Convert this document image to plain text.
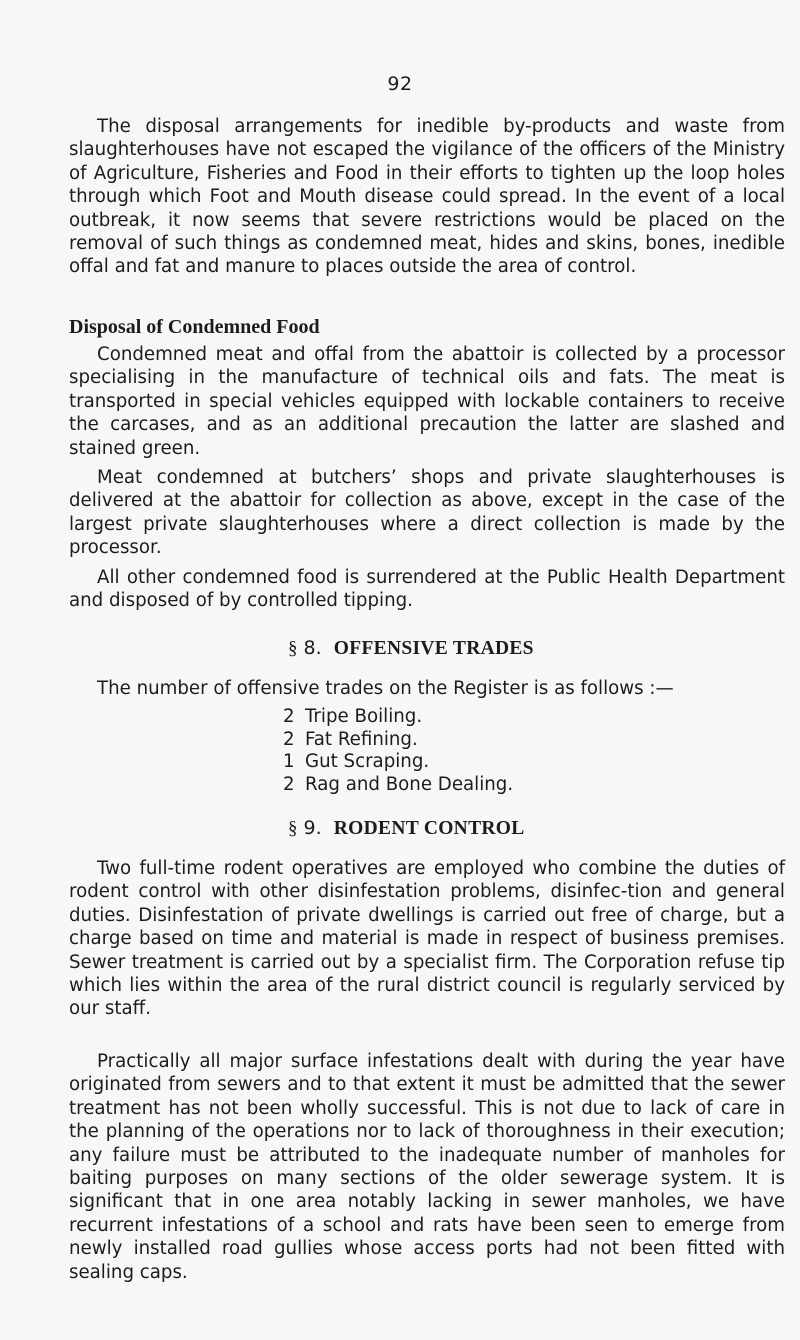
92

The disposal arrangements for inedible by-products and waste from slaughterhouses have not escaped the vigilance of the officers of the Ministry of Agriculture, Fisheries and Food in their efforts to tighten up the loop holes through which Foot and Mouth disease could spread. In the event of a local outbreak, it now seems that severe restrictions would be placed on the removal of such things as condemned meat, hides and skins, bones, inedible offal and fat and manure to places outside the area of control.

Disposal of Condemned Food

Condemned meat and offal from the abattoir is collected by a processor specialising in the manufacture of technical oils and fats. The meat is transported in special vehicles equipped with lockable containers to receive the carcases, and as an additional precaution the latter are slashed and stained green.

Meat condemned at butchers’ shops and private slaughterhouses is delivered at the abattoir for collection as above, except in the case of the largest private slaughterhouses where a direct collection is made by the processor.

All other condemned food is surrendered at the Public Health Department and disposed of by controlled tipping.

§ 8. OFFENSIVE TRADES

The number of offensive trades on the Register is as follows :—

2 Tripe Boiling.
2 Fat Refining.
1 Gut Scraping.
2 Rag and Bone Dealing.
§ 9. RODENT CONTROL

Two full-time rodent operatives are employed who combine the duties of rodent control with other disinfestation problems, disinfec-tion and general duties. Disinfestation of private dwellings is carried out free of charge, but a charge based on time and material is made in respect of business premises. Sewer treatment is carried out by a specialist firm. The Corporation refuse tip which lies within the area of the rural district council is regularly serviced by our staff.

Practically all major surface infestations dealt with during the year have originated from sewers and to that extent it must be admitted that the sewer treatment has not been wholly successful. This is not due to lack of care in the planning of the operations nor to lack of thoroughness in their execution; any failure must be attributed to the inadequate number of manholes for baiting purposes on many sections of the older sewerage system. It is significant that in one area notably lacking in sewer manholes, we have recurrent infestations of a school and rats have been seen to emerge from newly installed road gullies whose access ports had not been fitted with sealing caps.
